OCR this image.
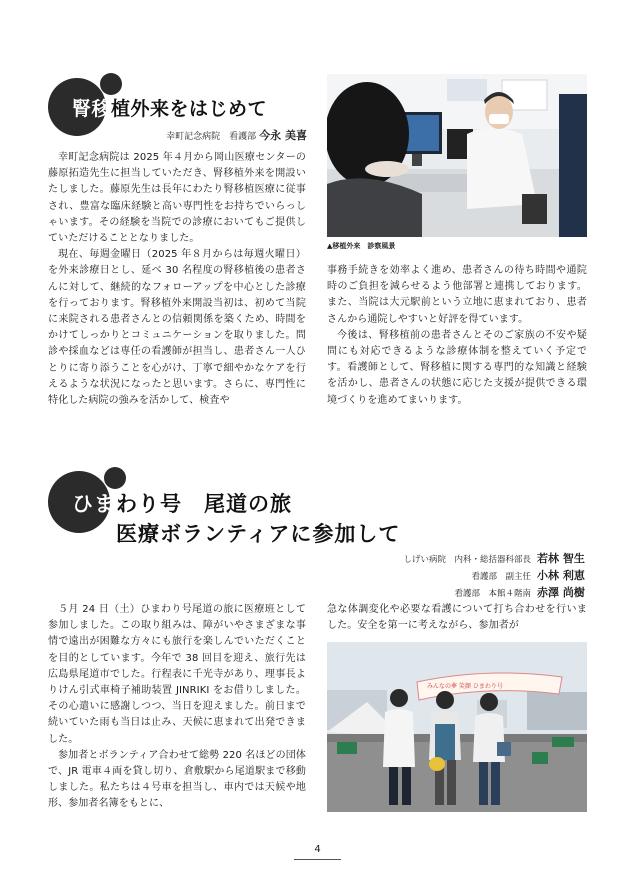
腎移植外来をはじめて
幸町記念病院　看護部 今永 美喜

幸町記念病院は 2025 年４月から岡山医療センターの藤原拓造先生に担当していただき、腎移植外来を開設いたしました。藤原先生は長年にわたり腎移植医療に従事され、豊富な臨床経験と高い専門性をお持ちでいらっしゃいます。その経験を当院での診療においてもご提供していただけることとなりました。

現在、毎週金曜日（2025 年８月からは毎週火曜日）を外来診療日とし、延べ 30 名程度の腎移植後の患者さんに対して、継続的なフォローアップを中心とした診療を行っております。腎移植外来開設当初は、初めて当院に来院される患者さんとの信頼関係を築くため、時間をかけてしっかりとコミュニケーションを取りました。問診や採血などは専任の看護師が担当し、患者さん一人ひとりに寄り添うことを心がけ、丁寧で細やかなケアを行えるような状況になったと思います。さらに、専門性に特化した病院の強みを活かして、検査や

▲移植外来　診察風景

事務手続きを効率よく進め、患者さんの待ち時間や通院時のご負担を減らせるよう他部署と連携しております。また、当院は大元駅前という立地に恵まれており、患者さんから通院しやすいと好評を得ています。

今後は、腎移植前の患者さんとそのご家族の不安や疑問にも対応できるような診療体制を整えていく予定です。看護師として、腎移植に関する専門的な知識と経験を活かし、患者さんの状態に応じた支援が提供できる環境づくりを進めてまいります。

ひまわり号　尾道の旅
医療ボランティアに参加して
しげい病院　内科・総括器科部長 若林 智生
看護部　副主任 小林 利恵
看護部　本館４階南 赤澤 尚樹

５月 24 日（土）ひまわり号尾道の旅に医療班として参加しました。この取り組みは、障がいやさまざまな事情で遠出が困難な方々にも旅行を楽しんでいただくことを目的としています。今年で 38 回目を迎え、旅行先は広島県尾道市でした。行程表に千光寺があり、理事長よりけん引式車椅子補助装置 JINRIKI をお借りしました。その心遣いに感謝しつつ、当日を迎えました。前日まで続いていた雨も当日は止み、天候に恵まれて出発できました。

参加者とボランティア合わせて総勢 220 名ほどの団体で、JR 電車４両を貸し切り、倉敷駅から尾道駅まで移動しました。私たちは４号車を担当し、車内では天候や地形、参加者名簿をもとに、

急な体調変化や必要な看護について打ち合わせを行いました。安全を第一に考えながら、参加者が

みんなの夢 笑顔 ひまわり号
4
